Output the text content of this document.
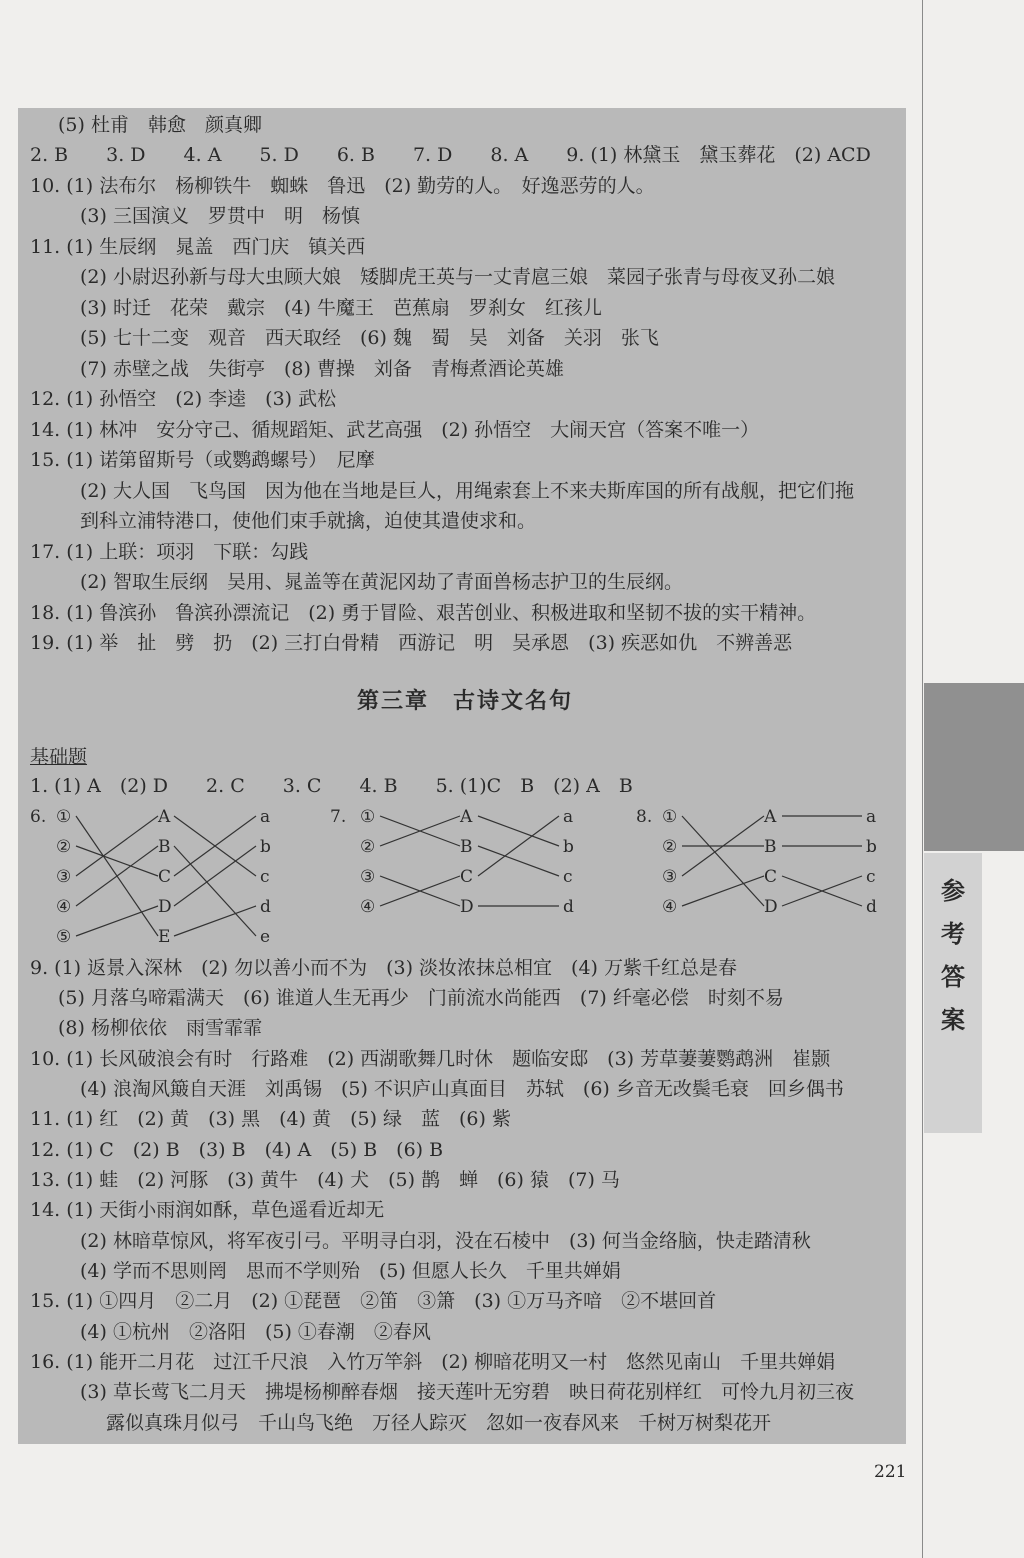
(5) 杜甫　韩愈　颜真卿
2. B　　3. D　　4. A　　5. D　　6. B　　7. D　　8. A　　9. (1) 林黛玉　黛玉葬花　(2) ACD
10. (1) 法布尔　杨柳铁牛　蜘蛛　鲁迅　(2) 勤劳的人。　好逸恶劳的人。
(3) 三国演义　罗贯中　明　杨慎
11. (1) 生辰纲　晁盖　西门庆　镇关西
(2) 小尉迟孙新与母大虫顾大娘　矮脚虎王英与一丈青扈三娘　菜园子张青与母夜叉孙二娘
(3) 时迁　花荣　戴宗　(4) 牛魔王　芭蕉扇　罗刹女　红孩儿
(5) 七十二变　观音　西天取经　(6) 魏　蜀　吴　刘备　关羽　张飞
(7) 赤壁之战　失街亭　(8) 曹操　刘备　青梅煮酒论英雄
12. (1) 孙悟空　(2) 李逵　(3) 武松
14. (1) 林冲　安分守己、循规蹈矩、武艺高强　(2) 孙悟空　大闹天宫（答案不唯一）
15. (1) 诺第留斯号（或鹦鹉螺号）　尼摩
(2) 大人国　飞鸟国　因为他在当地是巨人，用绳索套上不来夫斯库国的所有战舰，把它们拖
到科立浦特港口，使他们束手就擒，迫使其遣使求和。
17. (1) 上联：项羽　下联：勾践
(2) 智取生辰纲　吴用、晁盖等在黄泥冈劫了青面兽杨志护卫的生辰纲。
18. (1) 鲁滨孙　鲁滨孙漂流记　(2) 勇于冒险、艰苦创业、积极进取和坚韧不拔的实干精神。
19. (1) 举　扯　劈　扔　(2) 三打白骨精　西游记　明　吴承恩　(3) 疾恶如仇　不辨善恶
第三章　古诗文名句
基础题
1. (1) A　(2) D　　2. C　　3. C　　4. B　　5. (1)C　B　(2) A　B
6. ①
②
③
④
⑤
A
B
C
D
E
a
b
c
d
e
7. ①
②
③
④
A
B
C
D
a
b
c
d
8. ①
②
③
④
A
B
C
D
a
b
c
d
9. (1) 返景入深林　(2) 勿以善小而不为　(3) 淡妆浓抹总相宜　(4) 万紫千红总是春
(5) 月落乌啼霜满天　(6) 谁道人生无再少　门前流水尚能西　(7) 纤毫必偿　时刻不易
(8) 杨柳依依　雨雪霏霏
10. (1) 长风破浪会有时　行路难　(2) 西湖歌舞几时休　题临安邸　(3) 芳草萋萋鹦鹉洲　崔颢
(4) 浪淘风簸自天涯　刘禹锡　(5) 不识庐山真面目　苏轼　(6) 乡音无改鬓毛衰　回乡偶书
11. (1) 红　(2) 黄　(3) 黑　(4) 黄　(5) 绿　蓝　(6) 紫
12. (1) C　(2) B　(3) B　(4) A　(5) B　(6) B
13. (1) 蛙　(2) 河豚　(3) 黄牛　(4) 犬　(5) 鹊　蝉　(6) 猿　(7) 马
14. (1) 天街小雨润如酥，草色遥看近却无
(2) 林暗草惊风，将军夜引弓。平明寻白羽，没在石棱中　(3) 何当金络脑，快走踏清秋
(4) 学而不思则罔　思而不学则殆　(5) 但愿人长久　千里共婵娟
15. (1) ①四月　②二月　(2) ①琵琶　②笛　③箫　(3) ①万马齐喑　②不堪回首
(4) ①杭州　②洛阳　(5) ①春潮　②春风
16. (1) 能开二月花　过江千尺浪　入竹万竿斜　(2) 柳暗花明又一村　悠然见南山　千里共婵娟
(3) 草长莺飞二月天　拂堤杨柳醉春烟　接天莲叶无穷碧　映日荷花别样红　可怜九月初三夜
露似真珠月似弓　千山鸟飞绝　万径人踪灭　忽如一夜春风来　千树万树梨花开
参
考
答
案
221
